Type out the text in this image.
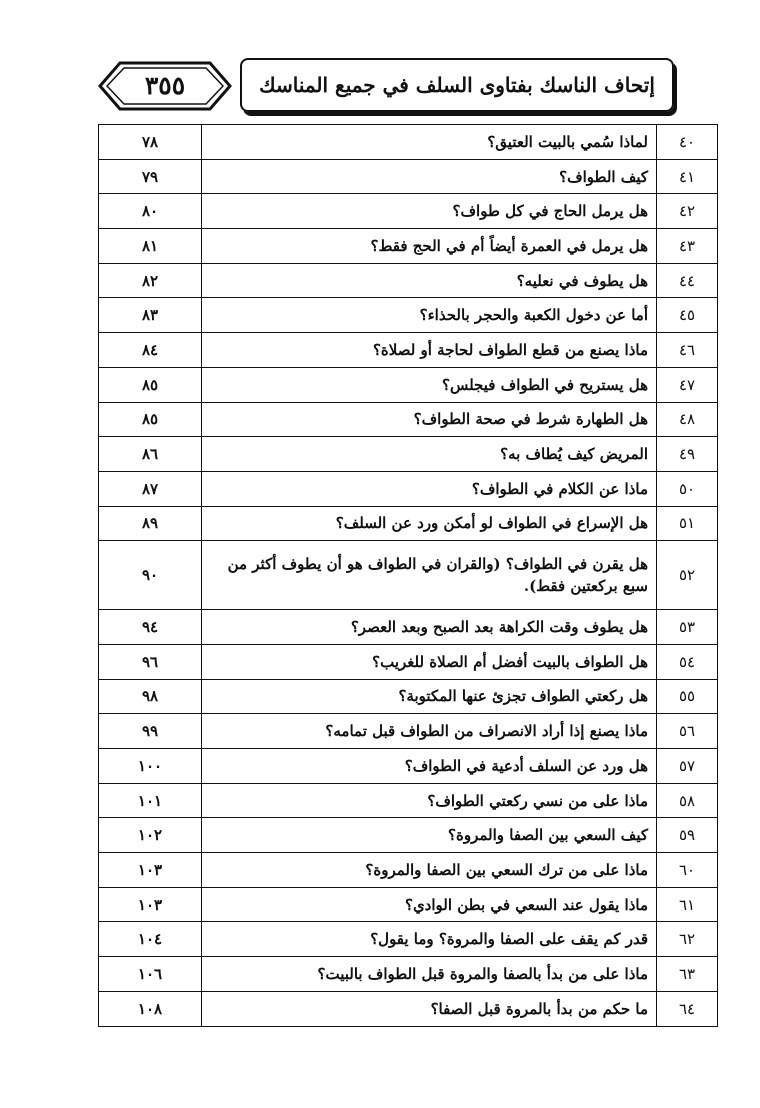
٣٥٥	إتحاف الناسك بفتاوى السلف في جميع المناسك
٤٠	لماذا سُمي بالبيت العتيق؟	٧٨
٤١	كيف الطواف؟	٧٩
٤٢	هل يرمل الحاج في كل طواف؟	٨٠
٤٣	هل يرمل في العمرة أيضاً أم في الحج فقط؟	٨١
٤٤	هل يطوف في نعليه؟	٨٢
٤٥	أما عن دخول الكعبة والحجر بالحذاء؟	٨٣
٤٦	ماذا يصنع من قطع الطواف لحاجة أو لصلاة؟	٨٤
٤٧	هل يستريح في الطواف فيجلس؟	٨٥
٤٨	هل الطهارة شرط في صحة الطواف؟	٨٥
٤٩	المريض كيف يُطاف به؟	٨٦
٥٠	ماذا عن الكلام في الطواف؟	٨٧
٥١	هل الإسراع في الطواف لو أمكن ورد عن السلف؟	٨٩
٥٢	هل يقرن في الطواف؟ (والقران في الطواف هو أن يطوف أكثر من سبع بركعتين فقط).	٩٠
٥٣	هل يطوف وقت الكراهة بعد الصبح وبعد العصر؟	٩٤
٥٤	هل الطواف بالبيت أفضل أم الصلاة للغريب؟	٩٦
٥٥	هل ركعتي الطواف تجزئ عنها المكتوبة؟	٩٨
٥٦	ماذا يصنع إذا أراد الانصراف من الطواف قبل تمامه؟	٩٩
٥٧	هل ورد عن السلف أدعية في الطواف؟	١٠٠
٥٨	ماذا على من نسي ركعتي الطواف؟	١٠١
٥٩	كيف السعي بين الصفا والمروة؟	١٠٢
٦٠	ماذا على من ترك السعي بين الصفا والمروة؟	١٠٣
٦١	ماذا يقول عند السعي في بطن الوادي؟	١٠٣
٦٢	قدر كم يقف على الصفا والمروة؟ وما يقول؟	١٠٤
٦٣	ماذا على من بدأ بالصفا والمروة قبل الطواف بالبيت؟	١٠٦
٦٤	ما حكم من بدأ بالمروة قبل الصفا؟	١٠٨
